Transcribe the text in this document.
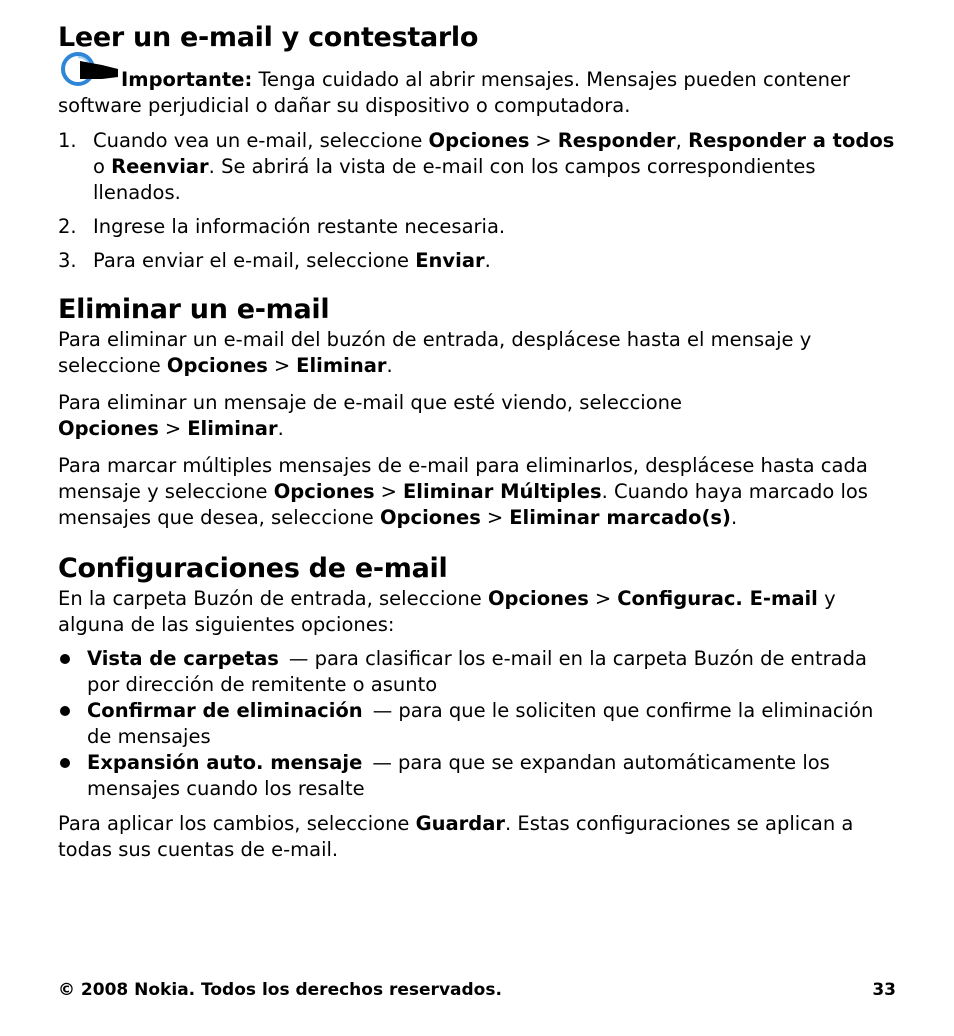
Leer un e-mail y contestarlo

Importante: Tenga cuidado al abrir mensajes. Mensajes pueden contener software perjudicial o dañar su dispositivo o computadora.

1. Cuando vea un e-mail, seleccione Opciones > Responder, Responder a todos o Reenviar. Se abrirá la vista de e-mail con los campos correspondientes llenados.
2. Ingrese la información restante necesaria.
3. Para enviar el e-mail, seleccione Enviar.
Eliminar un e-mail

Para eliminar un e-mail del buzón de entrada, desplácese hasta el mensaje y seleccione Opciones > Eliminar.

Para eliminar un mensaje de e-mail que esté viendo, seleccione Opciones > Eliminar.

Para marcar múltiples mensajes de e-mail para eliminarlos, desplácese hasta cada mensaje y seleccione Opciones > Eliminar Múltiples. Cuando haya marcado los mensajes que desea, seleccione Opciones > Eliminar marcado(s).

Configuraciones de e-mail

En la carpeta Buzón de entrada, seleccione Opciones > Configurac. E-mail y alguna de las siguientes opciones:

Vista de carpetas — para clasificar los e-mail en la carpeta Buzón de entrada por dirección de remitente o asunto
Confirmar de eliminación — para que le soliciten que confirme la eliminación de mensajes
Expansión auto. mensaje — para que se expandan automáticamente los mensajes cuando los resalte

Para aplicar los cambios, seleccione Guardar. Estas configuraciones se aplican a todas sus cuentas de e-mail.

© 2008 Nokia. Todos los derechos reservados.	33
